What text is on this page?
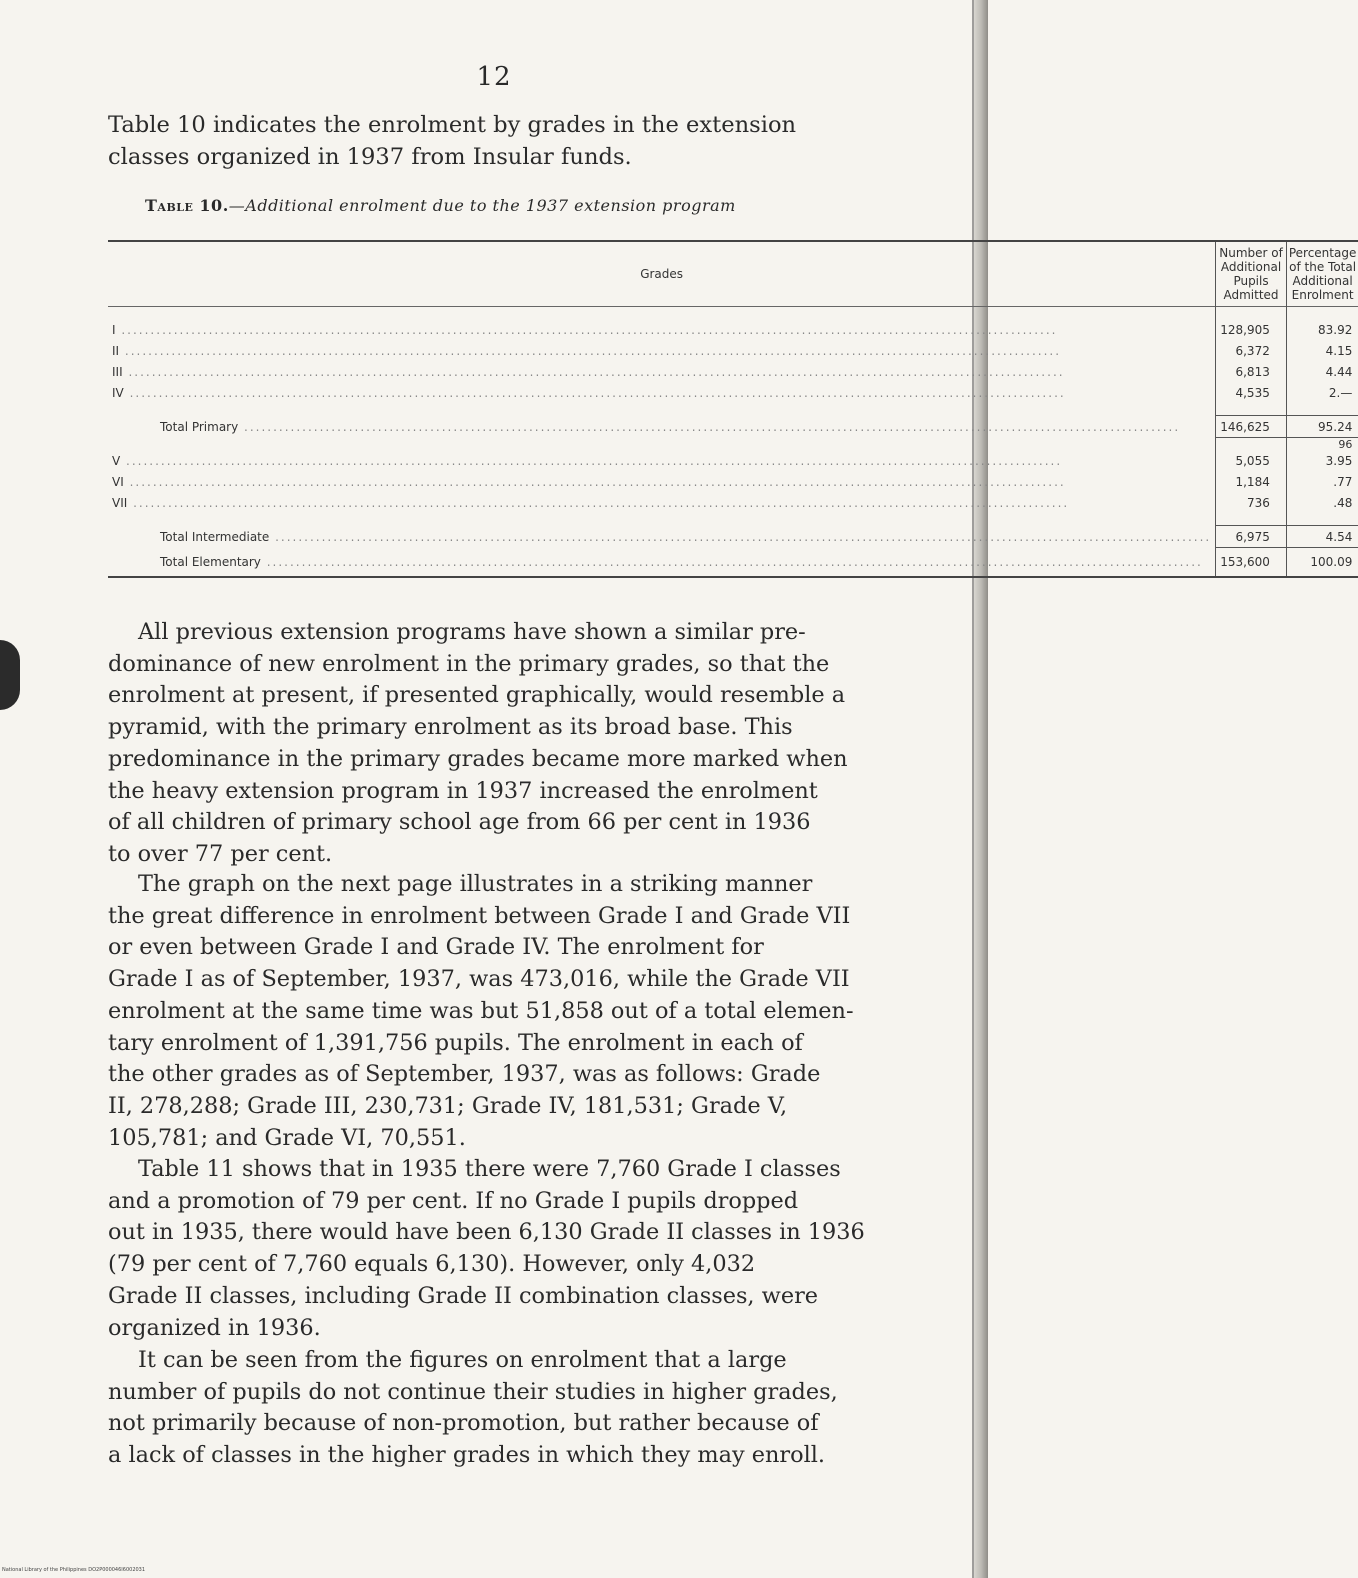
12
Table 10 indicates the enrolment by grades in the extension
classes organized in 1937 from Insular funds.
Table 10.—Additional enrolment due to the 1937 extension program
Grades	Number of Additional Pupils Admitted	Percentage of the Total Additional Enrolment

I .....	128,905	83.92
II .....	6,372	4.15
III .....	6,813	4.44
IV .....	4,535	2.—

Total Primary .....	146,625	95.24
		96
V .....	5,055	3.95
VI .....	1,184	.77
VII .....	736	.48

Total Intermediate .....	6,975	4.54
Total Elementary .....	153,600	100.09
All previous extension programs have shown a similar pre-
dominance of new enrolment in the primary grades, so that the
enrolment at present, if presented graphically, would resemble a
pyramid, with the primary enrolment as its broad base. This
predominance in the primary grades became more marked when
the heavy extension program in 1937 increased the enrolment
of all children of primary school age from 66 per cent in 1936
to over 77 per cent.
The graph on the next page illustrates in a striking manner
the great difference in enrolment between Grade I and Grade VII
or even between Grade I and Grade IV. The enrolment for
Grade I as of September, 1937, was 473,016, while the Grade VII
enrolment at the same time was but 51,858 out of a total elemen-
tary enrolment of 1,391,756 pupils. The enrolment in each of
the other grades as of September, 1937, was as follows: Grade
II, 278,288; Grade III, 230,731; Grade IV, 181,531; Grade V,
105,781; and Grade VI, 70,551.
Table 11 shows that in 1935 there were 7,760 Grade I classes
and a promotion of 79 per cent. If no Grade I pupils dropped
out in 1935, there would have been 6,130 Grade II classes in 1936
(79 per cent of 7,760 equals 6,130). However, only 4,032
Grade II classes, including Grade II combination classes, were
organized in 1936.
It can be seen from the figures on enrolment that a large
number of pupils do not continue their studies in higher grades,
not primarily because of non-promotion, but rather because of
a lack of classes in the higher grades in which they may enroll.
National Library of the Philippines DO2P000046I6002031
